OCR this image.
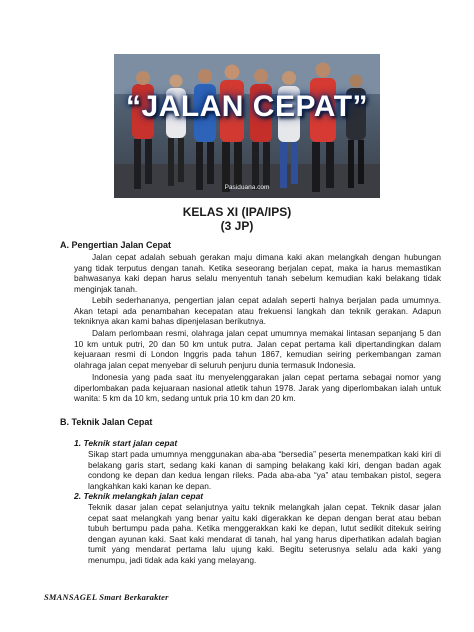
“JALAN CEPAT”
Pasiduana.com
KELAS XI (IPA/IPS)
(3 JP)
A. Pengertian Jalan Cepat

Jalan cepat adalah sebuah gerakan maju dimana kaki akan melangkah dengan hubungan yang tidak terputus dengan tanah. Ketika seseorang berjalan cepat, maka ia harus memastikan bahwasanya kaki depan harus selalu menyentuh tanah sebelum kemudian kaki belakang tidak menginjak tanah.

Lebih sederhananya, pengertian jalan cepat adalah seperti halnya berjalan pada umumnya. Akan tetapi ada penambahan kecepatan atau frekuensi langkah dan teknik gerakan. Adapun tekniknya akan kami bahas dipenjelasan berikutnya.

Dalam perlombaan resmi, olahraga jalan cepat umumnya memakai lintasan sepanjang 5 dan 10 km untuk putri, 20 dan 50 km untuk putra. Jalan cepat pertama kali dipertandingkan dalam kejuaraan resmi di London Inggris pada tahun 1867, kemudian seiring perkembangan zaman olahraga jalan cepat menyebar di seluruh penjuru dunia termasuk Indonesia.

Indonesia yang pada saat itu menyelenggarakan jalan cepat pertama sebagai nomor yang diperlombakan pada kejuaraan nasional atletik tahun 1978. Jarak yang diperlombakan ialah untuk wanita: 5 km da 10 km, sedang untuk pria 10 km dan 20 km.

B. Teknik Jalan Cepat
1. Teknik start jalan cepat

Sikap start pada umumnya menggunakan aba-aba “bersedia” peserta menempatkan kaki kiri di belakang garis start, sedang kaki kanan di samping belakang kaki kiri, dengan badan agak condong ke depan dan kedua lengan rileks. Pada aba-aba “ya” atau tembakan pistol, segera langkahkan kaki kanan ke depan.

2. Teknik melangkah jalan cepat

Teknik dasar jalan cepat selanjutnya yaitu teknik melangkah jalan cepat. Teknik dasar jalan cepat saat melangkah yang benar yaitu kaki digerakkan ke depan dengan berat atau beban tubuh bertumpu pada paha. Ketika menggerakkan kaki ke depan, lutut sedikit ditekuk seiring dengan ayunan kaki. Saat kaki mendarat di tanah, hal yang harus diperhatikan adalah bagian tumit yang mendarat pertama lalu ujung kaki. Begitu seterusnya selalu ada kaki yang menumpu, jadi tidak ada kaki yang melayang.

SMANSAGEL Smart Berkarakter
